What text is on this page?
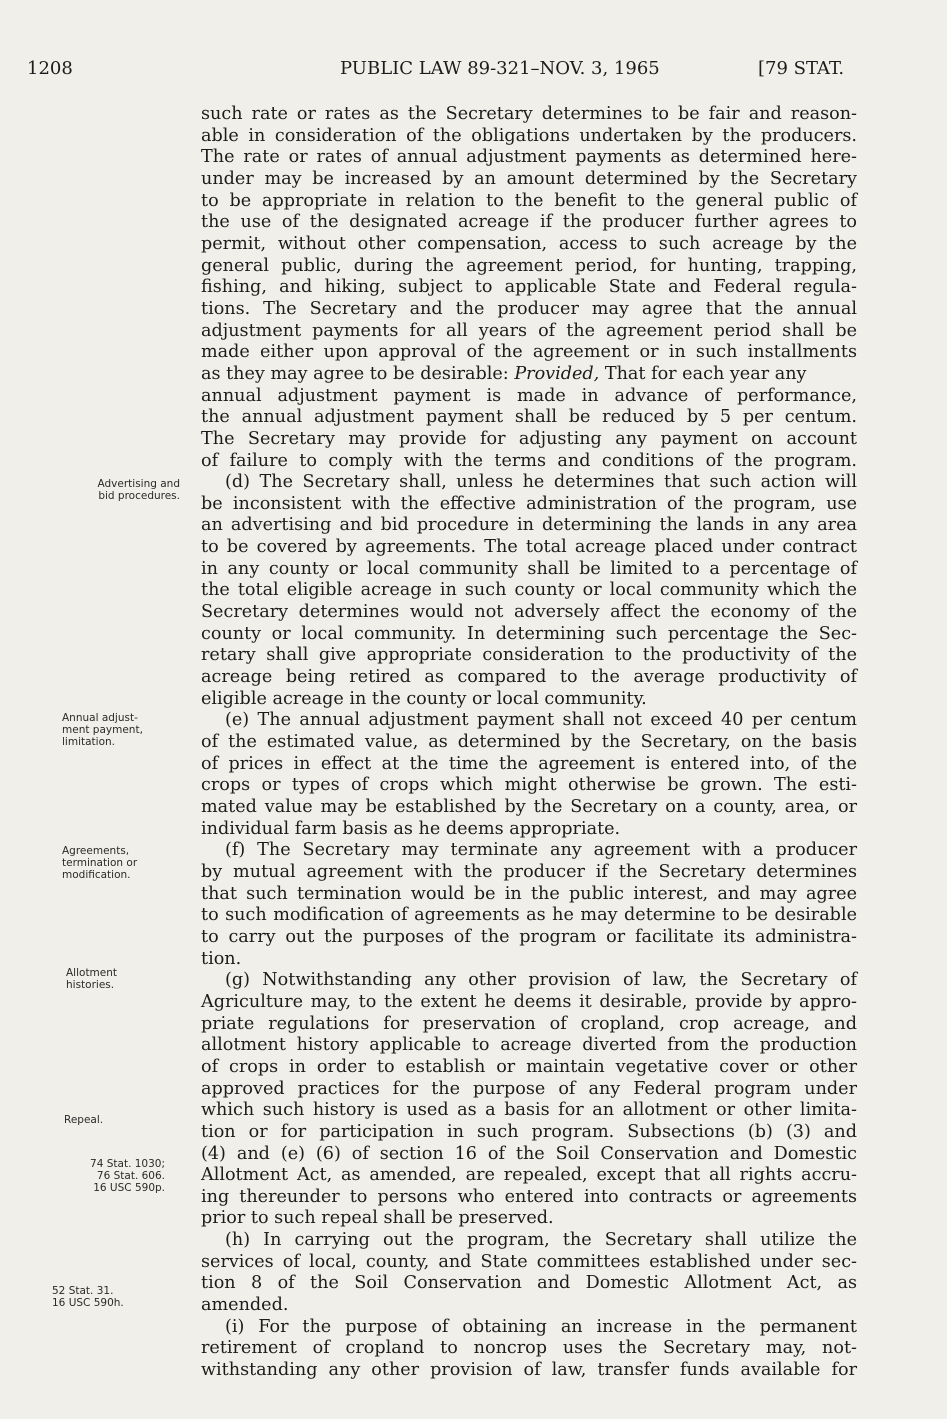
1208	PUBLIC LAW 89-321–NOV. 3, 1965	[79 STAT.
Advertising and
bid procedures.
Annual adjust-
ment payment,
limitation.
Agreements,
termination or
modification.
Allotment
histories.
Repeal.
74 Stat. 1030;
76 Stat. 606.
16 USC 590p.
52 Stat. 31.
16 USC 590h.
such rate or rates as the Secretary determines to be fair and reason-
able in consideration of the obligations undertaken by the producers.
The rate or rates of annual adjustment payments as determined here-
under may be increased by an amount determined by the Secretary
to be appropriate in relation to the benefit to the general public of
the use of the designated acreage if the producer further agrees to
permit, without other compensation, access to such acreage by the
general public, during the agreement period, for hunting, trapping,
fishing, and hiking, subject to applicable State and Federal regula-
tions. The Secretary and the producer may agree that the annual
adjustment payments for all years of the agreement period shall be
made either upon approval of the agreement or in such installments
as they may agree to be desirable: Provided, That for each year any
annual adjustment payment is made in advance of performance,
the annual adjustment payment shall be reduced by 5 per centum.
The Secretary may provide for adjusting any payment on account
of failure to comply with the terms and conditions of the program.
(d) The Secretary shall, unless he determines that such action will
be inconsistent with the effective administration of the program, use
an advertising and bid procedure in determining the lands in any area
to be covered by agreements. The total acreage placed under contract
in any county or local community shall be limited to a percentage of
the total eligible acreage in such county or local community which the
Secretary determines would not adversely affect the economy of the
county or local community. In determining such percentage the Sec-
retary shall give appropriate consideration to the productivity of the
acreage being retired as compared to the average productivity of
eligible acreage in the county or local community.
(e) The annual adjustment payment shall not exceed 40 per centum
of the estimated value, as determined by the Secretary, on the basis
of prices in effect at the time the agreement is entered into, of the
crops or types of crops which might otherwise be grown. The esti-
mated value may be established by the Secretary on a county, area, or
individual farm basis as he deems appropriate.
(f) The Secretary may terminate any agreement with a producer
by mutual agreement with the producer if the Secretary determines
that such termination would be in the public interest, and may agree
to such modification of agreements as he may determine to be desirable
to carry out the purposes of the program or facilitate its administra-
tion.
(g) Notwithstanding any other provision of law, the Secretary of
Agriculture may, to the extent he deems it desirable, provide by appro-
priate regulations for preservation of cropland, crop acreage, and
allotment history applicable to acreage diverted from the production
of crops in order to establish or maintain vegetative cover or other
approved practices for the purpose of any Federal program under
which such history is used as a basis for an allotment or other limita-
tion or for participation in such program. Subsections (b) (3) and
(4) and (e) (6) of section 16 of the Soil Conservation and Domestic
Allotment Act, as amended, are repealed, except that all rights accru-
ing thereunder to persons who entered into contracts or agreements
prior to such repeal shall be preserved.
(h) In carrying out the program, the Secretary shall utilize the
services of local, county, and State committees established under sec-
tion 8 of the Soil Conservation and Domestic Allotment Act, as
amended.
(i) For the purpose of obtaining an increase in the permanent
retirement of cropland to noncrop uses the Secretary may, not-
withstanding any other provision of law, transfer funds available for
